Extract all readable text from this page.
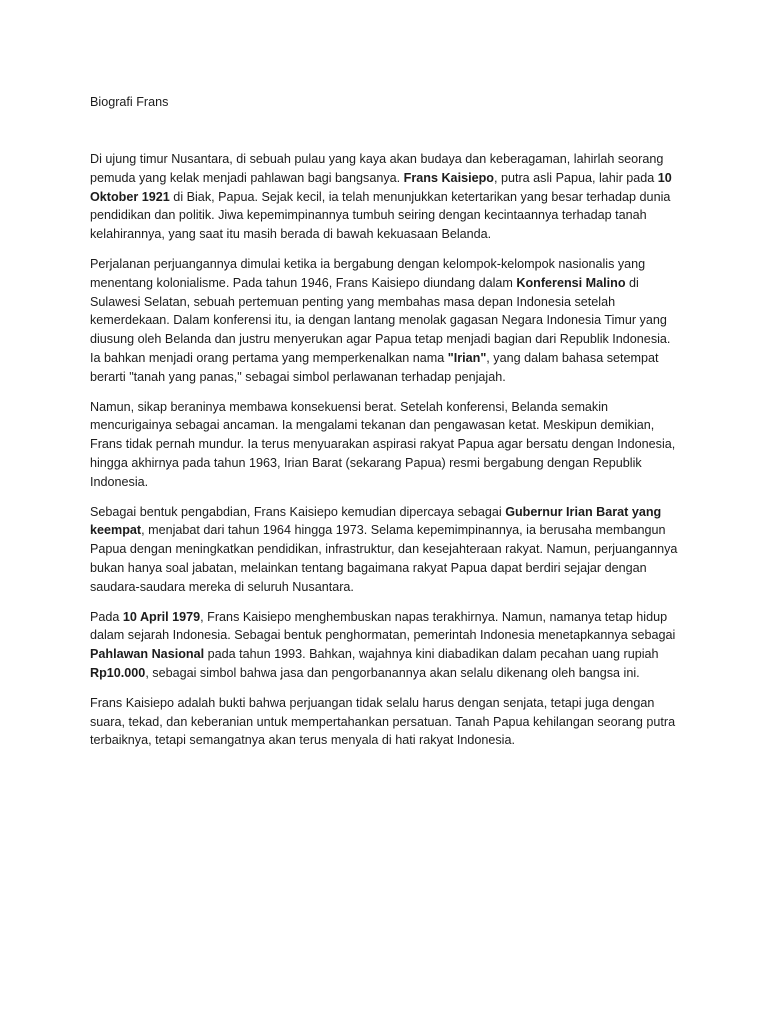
Biografi Frans

Di ujung timur Nusantara, di sebuah pulau yang kaya akan budaya dan keberagaman, lahirlah seorang pemuda yang kelak menjadi pahlawan bagi bangsanya. Frans Kaisiepo, putra asli Papua, lahir pada 10 Oktober 1921 di Biak, Papua. Sejak kecil, ia telah menunjukkan ketertarikan yang besar terhadap dunia pendidikan dan politik. Jiwa kepemimpinannya tumbuh seiring dengan kecintaannya terhadap tanah kelahirannya, yang saat itu masih berada di bawah kekuasaan Belanda.

Perjalanan perjuangannya dimulai ketika ia bergabung dengan kelompok-kelompok nasionalis yang menentang kolonialisme. Pada tahun 1946, Frans Kaisiepo diundang dalam Konferensi Malino di Sulawesi Selatan, sebuah pertemuan penting yang membahas masa depan Indonesia setelah kemerdekaan. Dalam konferensi itu, ia dengan lantang menolak gagasan Negara Indonesia Timur yang diusung oleh Belanda dan justru menyerukan agar Papua tetap menjadi bagian dari Republik Indonesia. Ia bahkan menjadi orang pertama yang memperkenalkan nama "Irian", yang dalam bahasa setempat berarti "tanah yang panas," sebagai simbol perlawanan terhadap penjajah.

Namun, sikap beraninya membawa konsekuensi berat. Setelah konferensi, Belanda semakin mencurigainya sebagai ancaman. Ia mengalami tekanan dan pengawasan ketat. Meskipun demikian, Frans tidak pernah mundur. Ia terus menyuarakan aspirasi rakyat Papua agar bersatu dengan Indonesia, hingga akhirnya pada tahun 1963, Irian Barat (sekarang Papua) resmi bergabung dengan Republik Indonesia.

Sebagai bentuk pengabdian, Frans Kaisiepo kemudian dipercaya sebagai Gubernur Irian Barat yang keempat, menjabat dari tahun 1964 hingga 1973. Selama kepemimpinannya, ia berusaha membangun Papua dengan meningkatkan pendidikan, infrastruktur, dan kesejahteraan rakyat. Namun, perjuangannya bukan hanya soal jabatan, melainkan tentang bagaimana rakyat Papua dapat berdiri sejajar dengan saudara-saudara mereka di seluruh Nusantara.

Pada 10 April 1979, Frans Kaisiepo menghembuskan napas terakhirnya. Namun, namanya tetap hidup dalam sejarah Indonesia. Sebagai bentuk penghormatan, pemerintah Indonesia menetapkannya sebagai Pahlawan Nasional pada tahun 1993. Bahkan, wajahnya kini diabadikan dalam pecahan uang rupiah Rp10.000, sebagai simbol bahwa jasa dan pengorbanannya akan selalu dikenang oleh bangsa ini.

Frans Kaisiepo adalah bukti bahwa perjuangan tidak selalu harus dengan senjata, tetapi juga dengan suara, tekad, dan keberanian untuk mempertahankan persatuan. Tanah Papua kehilangan seorang putra terbaiknya, tetapi semangatnya akan terus menyala di hati rakyat Indonesia.
